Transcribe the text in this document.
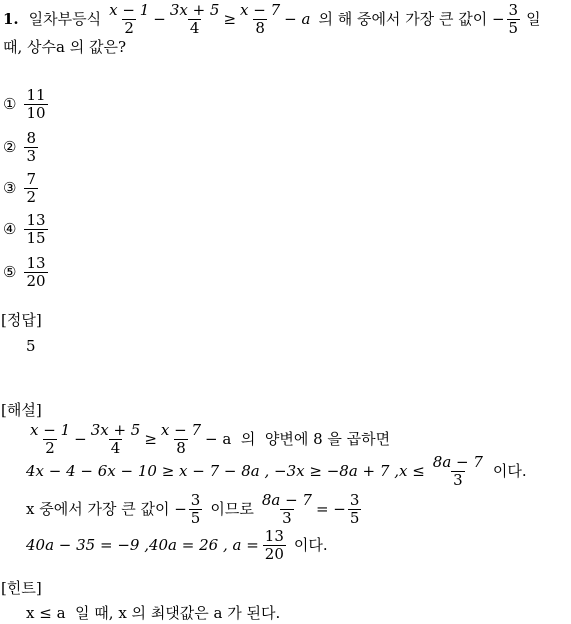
1. 일차부등식 $\frac{x - 1}{2} - \frac{3x + 5}{4} \ge \frac{x - 7}{8} - a$ 의 해 중에서 가장 큰 값이 − $\frac{3}{5}$ 일
때, 상수a 의 값은?
① $\frac{11}{10}$
② $\frac{8}{3}$
③ $\frac{7}{2}$
④ $\frac{13}{15}$
⑤ $\frac{13}{20}$
[정답]
5
[해설]
$\frac{x - 1}{2} - \frac{3x + 5}{4} \ge \frac{x - 7}{8} - a$  의  양변에 8 을 곱하면
4x − 4 − 6x − 10 ≥ x − 7 − 8a , −3x ≥ −8a + 7 $,x \le \frac{8a - 7}{3}$ 이다.
x 중에서 가장 큰 값이 − $\frac{3}{5}$ 이므로 $\frac{8a - 7}{3}$ = − $\frac{3}{5}$
40a − 35 = −9 ,40a = 26 , $a = \frac{13}{20}$ 이다.
[힌트]
x ≤ a  일 때, x 의 최댓값은 a 가 된다.
